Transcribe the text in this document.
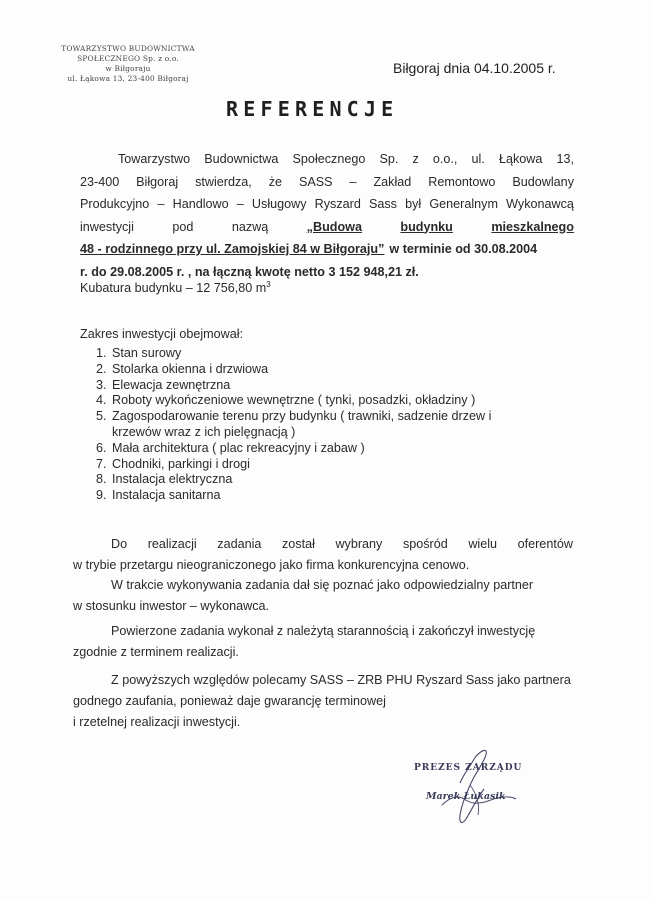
TOWARZYSTWO BUDOWNICTWA
SPOŁECZNEGO Sp. z o.o.
w Biłgoraju
ul. Łąkowa 13, 23-400 Biłgoraj
Biłgoraj dnia 04.10.2005 r.
REFERENCJE
Towarzystwo Budownictwa Społecznego Sp. z o.o., ul. Łąkowa 13,
23-400 Biłgoraj stwierdza, że SASS – Zakład Remontowo Budowlany
Produkcyjno – Handlowo – Usługowy Ryszard Sass był Generalnym Wykonawcą
inwestycji	pod	nazwą	„Budowa	budynku	mieszkalnego
48 - rodzinnego przy ul. Zamojskiej 84 w Biłgoraju” w terminie od 30.08.2004
r. do 29.08.2005 r. , na łączną kwotę netto 3 152 948,21 zł.
Kubatura budynku – 12 756,80 $m^3$
Zakres inwestycji obejmował:
1. Stan surowy
2. Stolarka okienna i drzwiowa
3. Elewacja zewnętrzna
4. Roboty wykończeniowe wewnętrzne ( tynki, posadzki, okładziny )
5. Zagospodarowanie terenu przy budynku ( trawniki, sadzenie drzew i
krzewów wraz z ich pielęgnacją )
6. Mała architektura ( plac rekreacyjny i zabaw )
7. Chodniki, parkingi i drogi
8. Instalacja elektryczna
9. Instalacja sanitarna
Do realizacji zadania został wybrany spośród wielu oferentów
w trybie przetargu nieograniczonego jako firma konkurencyjna cenowo.
W trakcie wykonywania zadania dał się poznać jako odpowiedzialny partner
w stosunku inwestor – wykonawca.
Powierzone zadania wykonał z należytą starannością i zakończył inwestycję
zgodnie z terminem realizacji.
Z powyższych względów polecamy SASS – ZRB PHU Ryszard Sass jako partnera
godnego zaufania, ponieważ daje gwarancję terminowej
i rzetelnej realizacji inwestycji.
PREZES ZARZĄDU
Marek Łukasik
